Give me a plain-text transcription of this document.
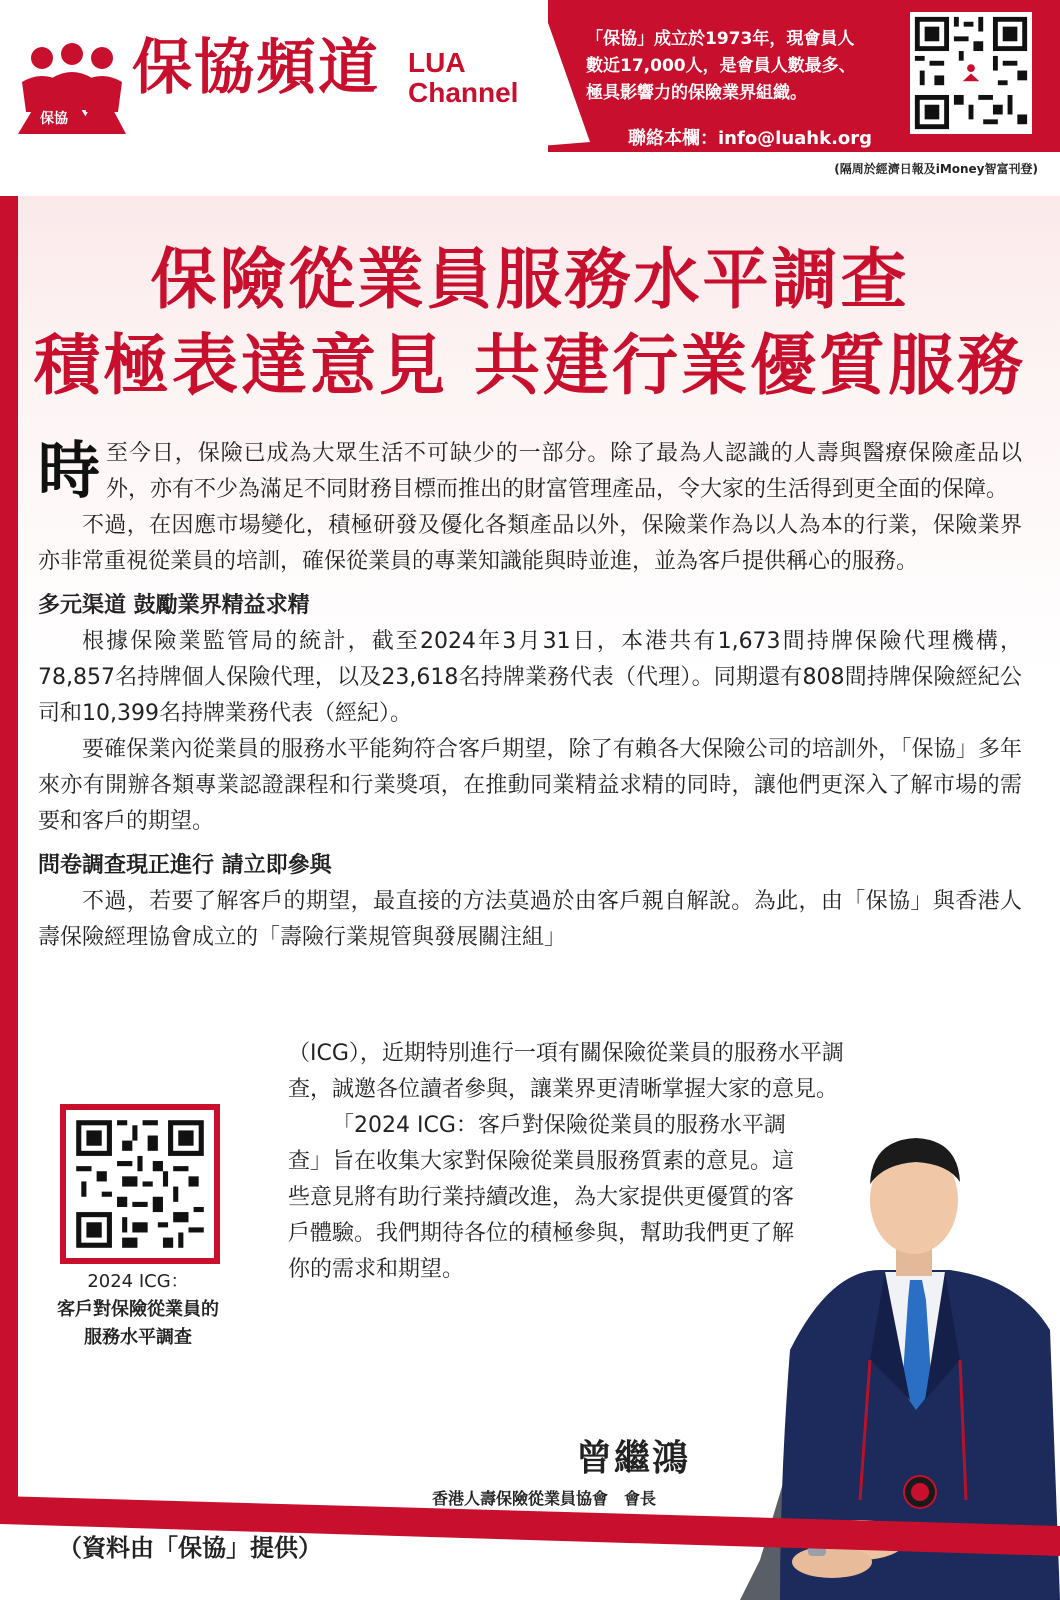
保協
保協頻道 LUA
Channel
「保協」成立於1973年，現會員人
數近17,000人，是會員人數最多、
極具影響力的保險業界組織。
聯絡本欄：info@luahk.org
(隔周於經濟日報及iMoney智富刊登)
保險從業員服務水平調查
積極表達意見 共建行業優質服務

時 至今日，保險已成為大眾生活不可缺少的一部分。除了最為人認識的人壽與醫療保險產品以外，亦有不少為滿足不同財務目標而推出的財富管理產品，令大家的生活得到更全面的保障。

不過，在因應市場變化，積極研發及優化各類產品以外，保險業作為以人為本的行業，保險業界亦非常重視從業員的培訓，確保從業員的專業知識能與時並進，並為客戶提供稱心的服務。

多元渠道 鼓勵業界精益求精

根據保險業監管局的統計，截至2024年3月31日，本港共有1,673間持牌保險代理機構，78,857名持牌個人保險代理，以及23,618名持牌業務代表（代理）。同期還有808間持牌保險經紀公司和10,399名持牌業務代表（經紀）。

要確保業內從業員的服務水平能夠符合客戶期望，除了有賴各大保險公司的培訓外，「保協」多年來亦有開辦各類專業認證課程和行業獎項，在推動同業精益求精的同時，讓他們更深入了解市場的需要和客戶的期望。

問卷調查現正進行 請立即參與

不過，若要了解客戶的期望，最直接的方法莫過於由客戶親自解說。為此，由「保協」與香港人壽保險經理協會成立的「壽險行業規管與發展關注組」

（ICG），近期特別進行一項有關保險從業員的服務水平調查，誠邀各位讀者參與，讓業界更清晰掌握大家的意見。

「2024 ICG：客戶對保險從業員的服務水平調查」旨在收集大家對保險從業員服務質素的意見。這些意見將有助行業持續改進，為大家提供更優質的客戶體驗。我們期待各位的積極參與，幫助我們更了解你的需求和期望。

2024 ICG：
客戶對保險從業員的
服務水平調查
曾繼鴻
香港人壽保險從業員協會　會長
（資料由「保協」提供）
